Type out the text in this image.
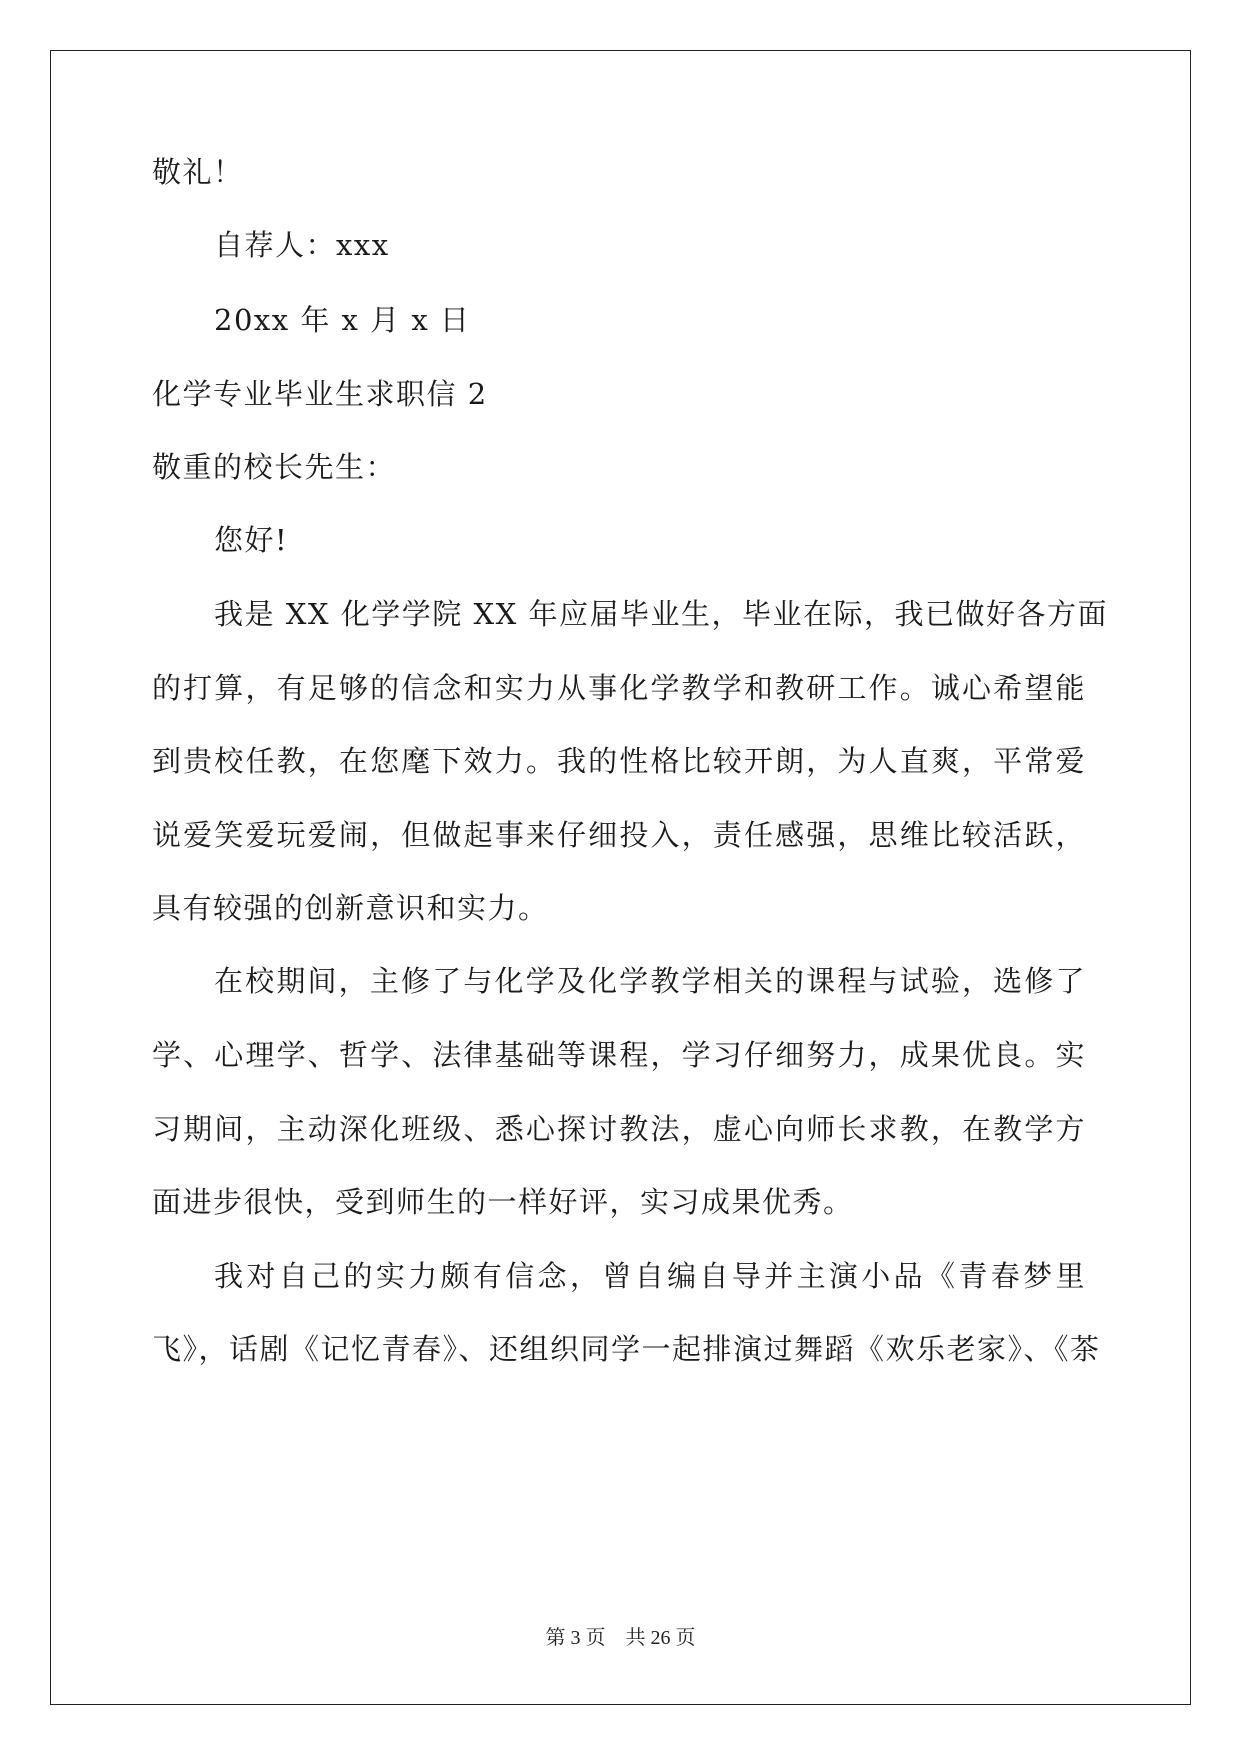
敬礼！
自荐人：xxx
20xx 年 x 月 x 日
化学专业毕业生求职信 2
敬重的校长先生：
您好!
我是 XX 化学学院 XX 年应届毕业生，毕业在际，我已做好各方面
的打算，有足够的信念和实力从事化学教学和教研工作。诚心希望能
到贵校任教，在您麾下效力。我的性格比较开朗，为人直爽，平常爱
说爱笑爱玩爱闹，但做起事来仔细投入，责任感强，思维比较活跃，
具有较强的创新意识和实力。
在校期间，主修了与化学及化学教学相关的课程与试验，选修了
学、心理学、哲学、法律基础等课程，学习仔细努力，成果优良。实
习期间，主动深化班级、悉心探讨教法，虚心向师长求教，在教学方
面进步很快，受到师生的一样好评，实习成果优秀。
我对自己的实力颇有信念，曾自编自导并主演小品《青春梦里
飞》，话剧《记忆青春》、还组织同学一起排演过舞蹈《欢乐老家》、《茶
第 3 页    共 26 页
